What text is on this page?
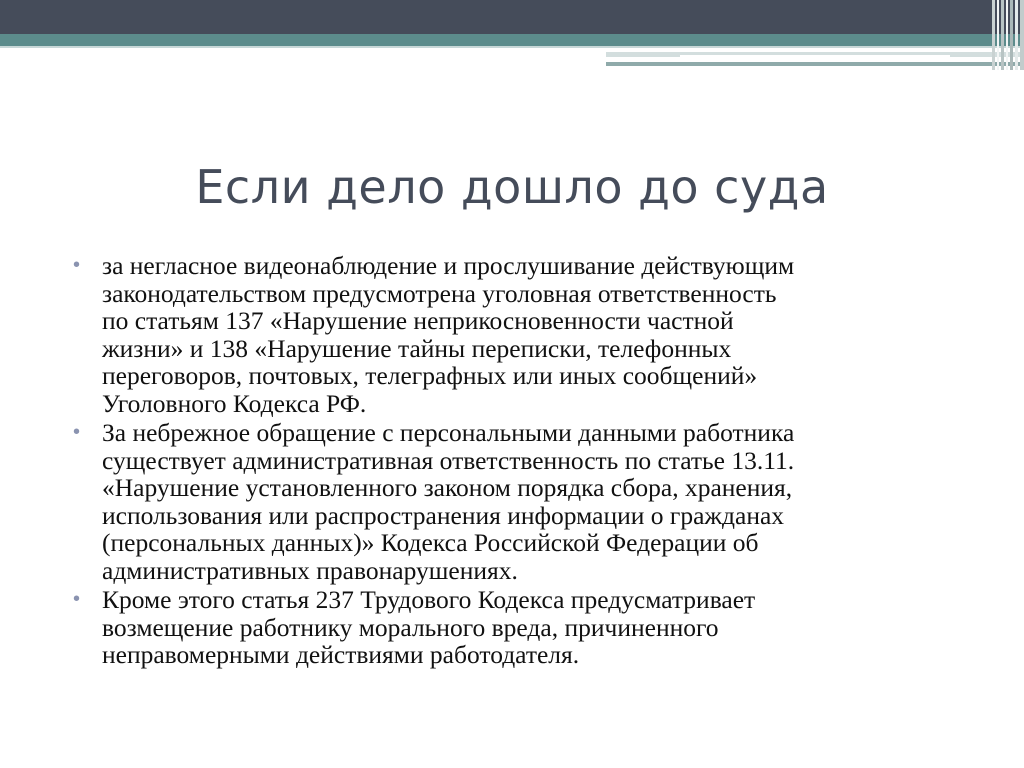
Если дело дошло до суда
• за негласное видеонаблюдение и прослушивание действующим
законодательством предусмотрена уголовная ответственность
по статьям 137 «Нарушение неприкосновенности частной
жизни» и 138 «Нарушение тайны переписки, телефонных
переговоров, почтовых, телеграфных или иных сообщений»
Уголовного Кодекса РФ.
• За небрежное обращение с персональными данными работника
существует административная ответственность по статье 13.11.
«Нарушение установленного законом порядка сбора, хранения,
использования или распространения информации о гражданах
(персональных данных)» Кодекса Российской Федерации об
административных правонарушениях.
• Кроме этого статья 237 Трудового Кодекса предусматривает
возмещение работнику морального вреда, причиненного
неправомерными действиями работодателя.
